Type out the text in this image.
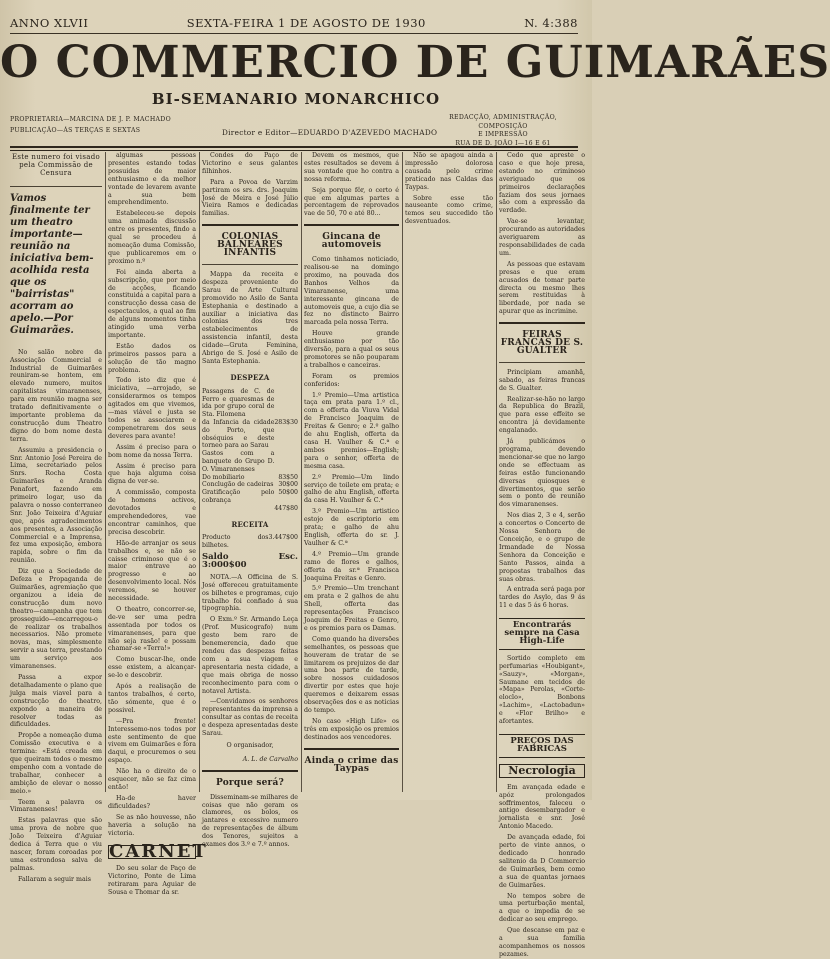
ANNO XLVII	SEXTA-FEIRA 1 DE AGOSTO DE 1930	N. 4:388
O COMMERCIO DE GUIMARÃES
BI-SEMANARIO MONARCHICO
PROPRIETARIA—MARCINA DE J. P. MACHADO
PUBLICAÇÃO—ÁS TERÇAS E SEXTAS	Director e Editor—EDUARDO D'AZEVEDO MACHADO
REDACÇÃO, ADMINISTRAÇÃO, COMPOSIÇÃO
E IMPRESSÃO
RUA DE D. JOÃO I—16 E 61
Este numero foi visado pela Commissão de Censura
Vamos finalmente ter um theatro importante—reunião na iniciativa bem-acolhida resta que os "bairristas" acorram ao apelo.—Por Guimarães.

No salão nobre da Associação Commercial e Industrial de Guimarães reuniram-se hontem, em elevado numero, muitos capitalistas vimaranenses, para em reunião magna ser tratado definitivamente o importante problema da construcção dum Theatro digno do bom nome desta terra.

Assumiu a presidencia o Snr. Antonio José Pereira de Lima, secretariado pelos Snrs. Rocha Costa Guimarães e Aranda Penafort, fazendo em primeiro logar, uso da palavra o nosso conterraneo Snr. João Teixeira d'Aguiar que, após agradecimentos aos presentes, a Associação Commercial e a Imprensa, fez uma exposição, embora rapida, sobre o fim da reunião.

Diz que a Sociedade de Defeza e Propaganda de Guimarães, agremiação que organizou a ideia de construcção dum novo theatro—campanha que tem prosseguido—encarregou-o de realizar os trabalhos necessarios. Não promete novas, mas, simplesmente servir a sua terra, prestando um serviço aos vimaranenses.

Passa a expor detalhadamente o plano que julga mais viavel para a construcção do theatro, expondo a maneira de resolver todas as dificuldades.

Propõe a nomeação duma Comissão executiva e a termina: «Está creada em que queiram todos o mesmo empenho com a vontade de trabalhar, conhecer a ambição de elevar o nosso meio.»

Teem a palavra os Vimaranenses!

Estas palavras que são uma prova de nobre que João Teixeira d'Aguiar dedica á Terra que o viu nascer, foram coroadas por uma estrondosa salva de palmas.

Fallaram a seguir mais

algumas pessoas presentes estando todas possuidas de maior enthusiasmo e da melhor vontade de levarem avante a sua bem emprehendimento.

Estabeleceu-se depois uma animada discussão entre os presentes, findo a qual se procedeu á nomeação duma Comissão, que publicaremos em o proximo n.º

Foi ainda aberta a subscripção, que por meio de acções, ficando constituida a capital para a construcção dessa casa de espectaculos, a qual ao fim de alguns momentos tinha atingido uma verba importante.

Estão dados os primeiros passos para a solução de tão magno problema.

Todo isto diz que é iniciativa, —arrojado, se considerarmos os tempos agitados em que vivemos,—mas viável e justa se todos se associarem e compenetrarem dos seus deveres para avante!

Assim é preciso para o bom nome da nossa Terra.

Assim é preciso para que haja alguma coisa digna de ver-se.

A commissão, composta de homens activos, devotados e emprehendedores, vae encontrar caminhos, que precisa descobrir.

Hão-de arranjar os seus trabalhos e, se não se caisse criminoso que é o maior entrave ao progresso e ao desenvolvimento local. Nós veremos, se houver necessidade.

O theatro, concorrer-se, de-ve ser uma pedra assentada por todos os vimaranenses, para que não seja rasão! e possam chamar-se «Terra!»

Como buscar-lhe, onde esse existem, a alcançar-se-lo e descobrir.

Após a realisação de tantos trabalhos, é certo, tão sómente, que é o possivel.

—Pra frente! Interessemo-nos todos por este sentimento de que vivem em Guimarães e fora daqui, e procuremos o seu espaço.

Não ha o direito de o esquecer, não se faz cima então!

Ha-de haver dificuldades?

Se as não houvesse, não haveria a solução na victoria.

CARNET

Do seu solar de Paço de Victorino, Ponte de Lima retiraram para Aguiar de Sousa e Thomar da sr.

Condes do Paço de Victorino e seus galantes filhinhos.

Para a Povoa de Varzim partiram os srs. drs. Joaquim José de Meira e José Júlio Vieira Ramos e dedicadas familias.

COLONIAS BALNEARES INFANTIS

Mappa da receita e despeza proveniente do Sarau de Arte Cultural promovido no Asilo de Santa Estephania e destinado a auxiliar a iniciativa das colonias dos tres estabelecimentos de assistencia infantil, desta cidade—Gruta Feminina, Abrigo de S. José e Asilo de Santa Estephania.

DESPEZA
Passagens de C. de Ferro e quaresmas de ida por grupo coral de Sta. Filomena	
da Infancia da cidade do Porto, que obséquios e deste torneo para ao Sarau	283$30
Gastos com a banquete do Grupo D. O. Vimaranenses	
Do mobiliario	83$50
Conclugão de cadeiras	30$00
Gratificação pelo cobrança	50$00
	447$80
RECEITA
Producto dos bilhetes.	3.447$00
Saldo Esc. 3:000$00

NOTA.—A Officina de S. José offereceu gratuitamente os bilhetes e programas, cujo trabalho foi confiado á sua tipographia.

O Exm.º Sr. Armando Leça (Prof. Musicografo) num gesto bem raro de benemerencia, dado que rendeu das despezas feitas com a sua viagem e apresentaria nesta cidade, a que mais obriga de nosso reconhecimento para com o notavel Artista.

—Convidamos os senhores representantes da imprensa a consultar as contas de receita e despeza apresentadas deste Sarau.

O organisador,
A. L. de Carvalho
Porque será?

Disseminam-se milhares de coisas que não geram os clamores, os bolos, os jantares e excessivo numero de representações de álbum dos Tenores, sujeitos a exames dos 3.º e 7.º annos.

Devem os mesmos, que estes resultados se devem á sua vontade que ho contra a nossa reforma.

Seja porque fôr, o certo é que em algumas partes a percentagem de reprovados vae de 50, 70 e até 80...

Gincana de automoveis

Como tinhamos noticiado, realisou-se na domingo proximo, na pouvada dos Banhos Velhos da Vimaranense, uma interessante gincana de automoveis que, a cujo dia se fez no distincto Bairro marcada pela nossa Terra.

Houve grande enthusiasmo por tão diversão, para a qual os seus promotores se não pouparam a trabalhos e canceiras.

Foram os premios conferidos:

1.º Premio—Uma artistica taça em prata para 1.º cl., com a offerta da Viuva Vidal de Francisco Joaquim de Freitas & Genro; e 2.º galho de ahu English, offerta da casa H. Vaulher & C.ª e ambos premios—English; para o senhor, offerta de mesma casa.

2.º Premio—Um lindo serviço de toilete em prata; e galho de ahu English, offerta da casa H. Vaulher & C.ª

3.º Premio—Um artistico estojo de escriptorio em prata; e galho de ahu English, offerta do sr. J. Vaulher & C.ª

4.º Premio—Um grande ramo de flores e galhos, offerta da sr.ª Francisca Joaquina Freitas e Genro.

5.º Premio—Um trenchant em prata e 2 galhos de ahu Shell, offerta das representações Francisco Joaquim de Freitas e Genro, e os premios para os Damas.

Como quando ha diversões semelhantes, os pessoas que houveram de tratar de se limitarem os prejuizos de dar uma boa parte de tarde, sobre nossos cuidadosos divertir por estes que hoje queremos e deixarem essas observações dos e as noticias do tempo.

No caso «High Life» os três em exposição os premios destinados aos vencedores.

Ainda o crime das Taypas

Não se apagou ainda a impressão dolorosa causada pelo crime praticado nas Caldas das Taypas.

Sobre esse tão nauseante como crime, temos seu succedido tão desventuados.

Cedo que apreste o caso e que hoje presa, estando no criminoso averiguado que os primeiros declarações faziam dos seus jornaes são com a expressão da verdade.

Vae-se levantar, procurando as autoridades averiguarem as responsabilidades de cada um.

As pessoas que estavam presas e que eram acusados de tomar parte directa ou mesmo lhes serem restituidas à liberdade, por nada se apurar que as incrimine.

FEIRAS FRANCAS DE S. GUALTER

Principiam amanhã, sabado, as feiras francas de S. Gualter.

Realizar-se-hão no largo da Republica do Brazil, que para esse effeito se encontra já devidamente engalanado.

Já publicámos o programa, devendo mencionar-se que no largo onde se effectuam as feiras estão funcionando diversas quiosques e divertimentos, que serão sem o ponto de reunião dos vimaranenses.

Nos dias 2, 3 e 4, serão a concertos o Concerto de Nossa Senhora de Conceição, e o grupo de Irmandade de Nossa Senhora da Conceição e Santo Passos, ainda a propostas trabalhos das suas obras.

A entrada será paga por tardes do Asylo, das 9 ás 11 e das 5 ás 6 horas.

Encontrarás sempre na Casa High-Life

Sortido completo em perfumarias «Houbigant», «Sauzy», «Morgan», Saumane em tecidos de «Mapa» Perolas, «Corte-eloclo», Bonbons «Lachim», «Lactobadun» e «Flor Brilho» e afortantes.

PREÇOS DAS FABRICAS
Necrologia

Em avançada edade e apóz prolongados soffrimentos, faleceu o antigo desembargador e jornalista e snr. José Antonio Macedo.

De avançada edade, foi perto de vinte annos, o dedicado honrado salitenio da D Commercio de Guimarães, bem como a sua de quantas jornaes de Guimarães.

No tempos sobre de uma perturbação mental, a que o impedia de se dedicar ao seu emprego.

Que descanse em paz e a sua familia acompanhemos os nossos pezames.
